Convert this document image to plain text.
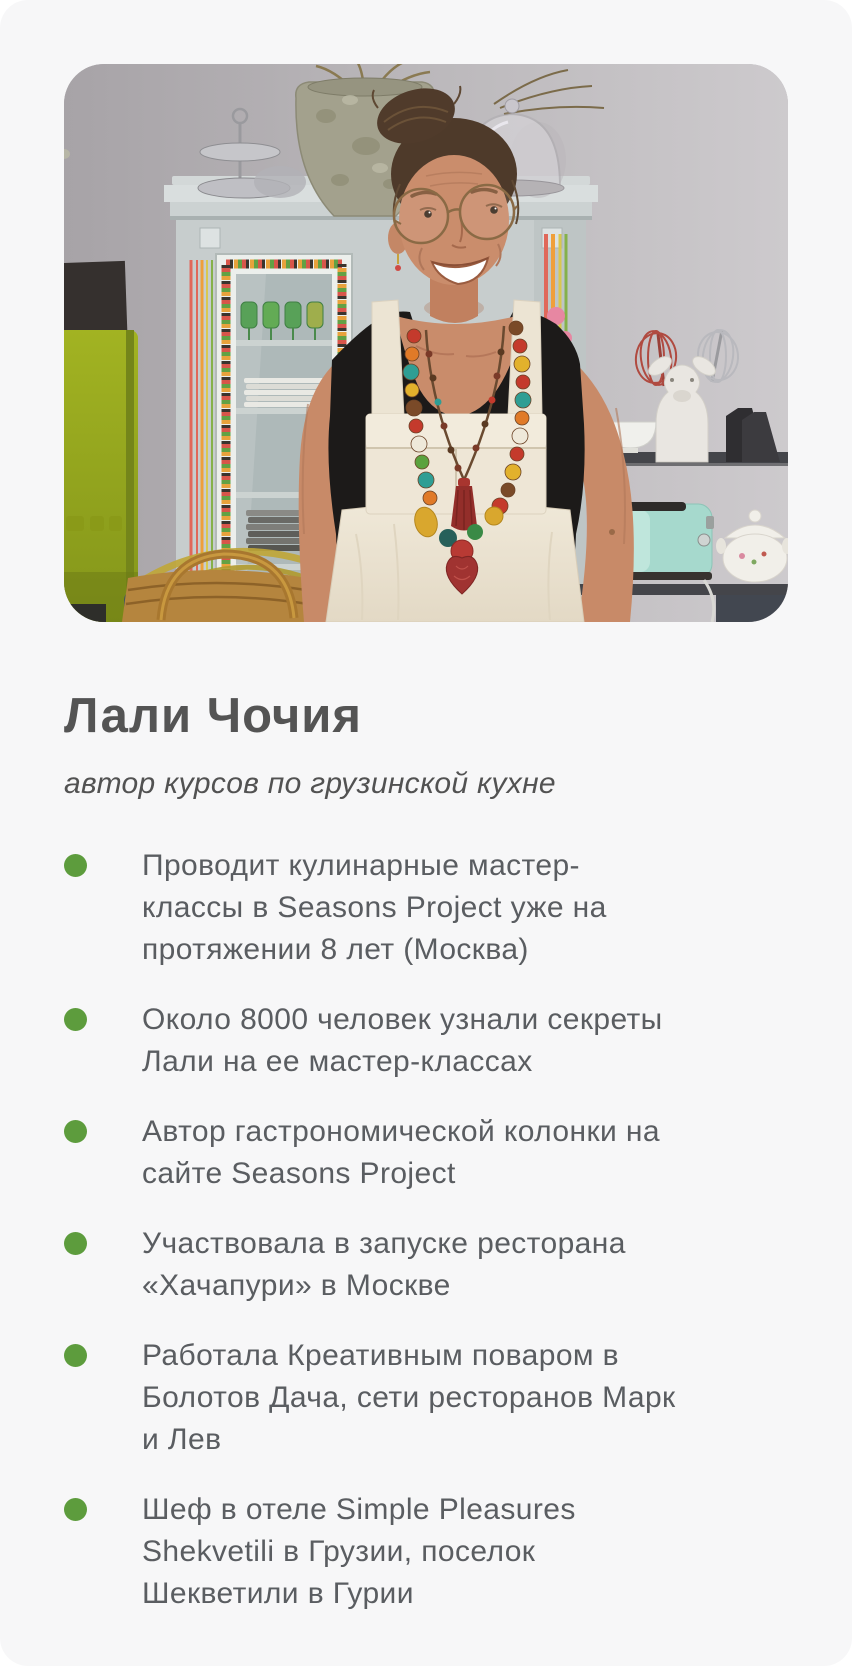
Лали Чочия

автор курсов по грузинской кухне

Проводит кулинарные мастер-
классы в Seasons Project уже на
протяжении 8 лет (Москва)
Около 8000 человек узнали секреты
Лали на ее мастер-классах
Автор гастрономической колонки на
сайте Seasons Project
Участвовала в запуске ресторана
«Хачапури» в Москве
Работала Креативным поваром в
Болотов Дача, сети ресторанов Марк
и Лев
Шеф в отеле Simple Pleasures
Shekvetili в Грузии, поселок
Шекветили в Гурии
